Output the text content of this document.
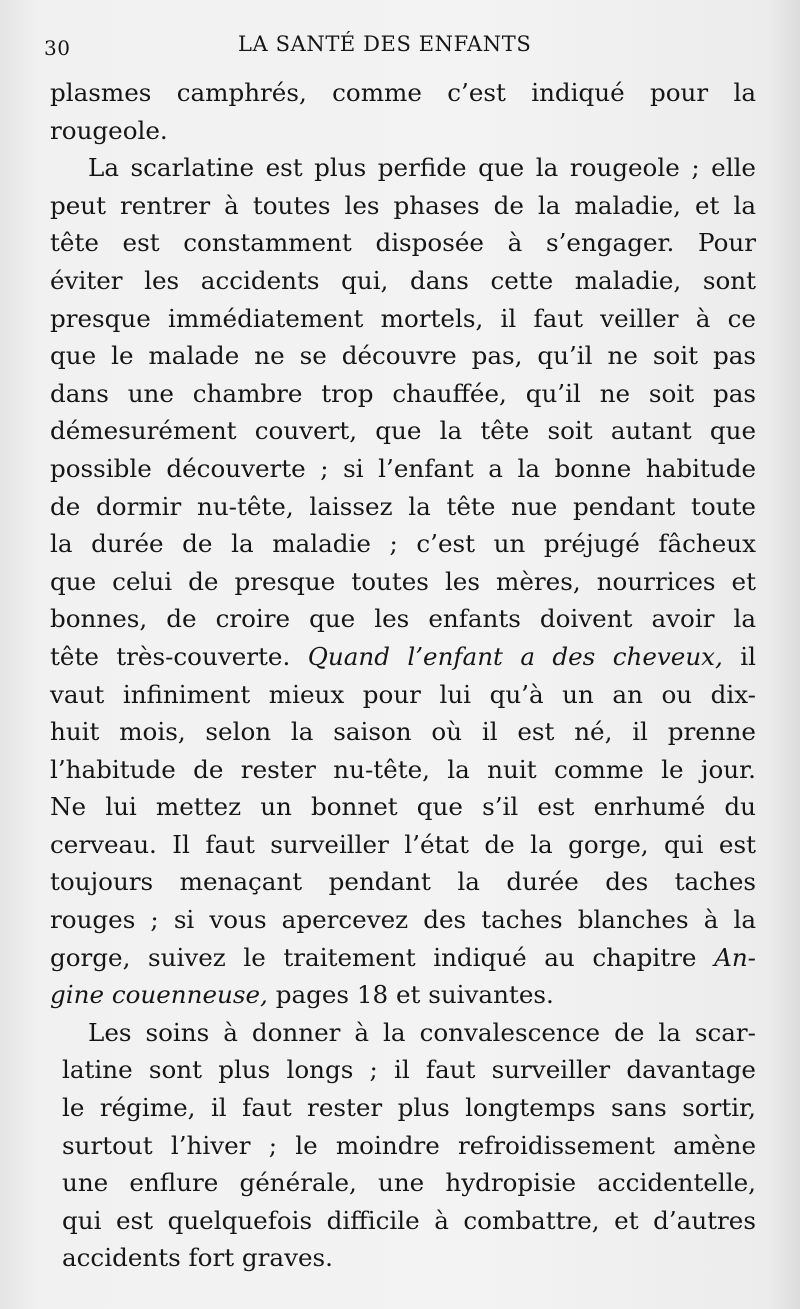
30	LA SANTÉ DES ENFANTS
plasmes camphrés, comme c’est indiqué pour la
rougeole.
La scarlatine est plus perfide que la rougeole ; elle
peut rentrer à toutes les phases de la maladie, et la
tête est constamment disposée à s’engager. Pour
éviter les accidents qui, dans cette maladie, sont
presque immédiatement mortels, il faut veiller à ce
que le malade ne se découvre pas, qu’il ne soit pas
dans une chambre trop chauffée, qu’il ne soit pas
démesurément couvert, que la tête soit autant que
possible découverte ; si l’enfant a la bonne habitude
de dormir nu-tête, laissez la tête nue pendant toute
la durée de la maladie ; c’est un préjugé fâcheux
que celui de presque toutes les mères, nourrices et
bonnes, de croire que les enfants doivent avoir la
tête très-couverte. Quand l’enfant a des cheveux, il
vaut infiniment mieux pour lui qu’à un an ou dix-
huit mois, selon la saison où il est né, il prenne
l’habitude de rester nu-tête, la nuit comme le jour.
Ne lui mettez un bonnet que s’il est enrhumé du
cerveau. Il faut surveiller l’état de la gorge, qui est
toujours menaçant pendant la durée des taches
rouges ; si vous apercevez des taches blanches à la
gorge, suivez le traitement indiqué au chapitre An-
gine couenneuse, pages 18 et suivantes.
Les soins à donner à la convalescence de la scar-
latine sont plus longs ; il faut surveiller davantage
le régime, il faut rester plus longtemps sans sortir,
surtout l’hiver ; le moindre refroidissement amène
une enflure générale, une hydropisie accidentelle,
qui est quelquefois difficile à combattre, et d’autres
accidents fort graves.
